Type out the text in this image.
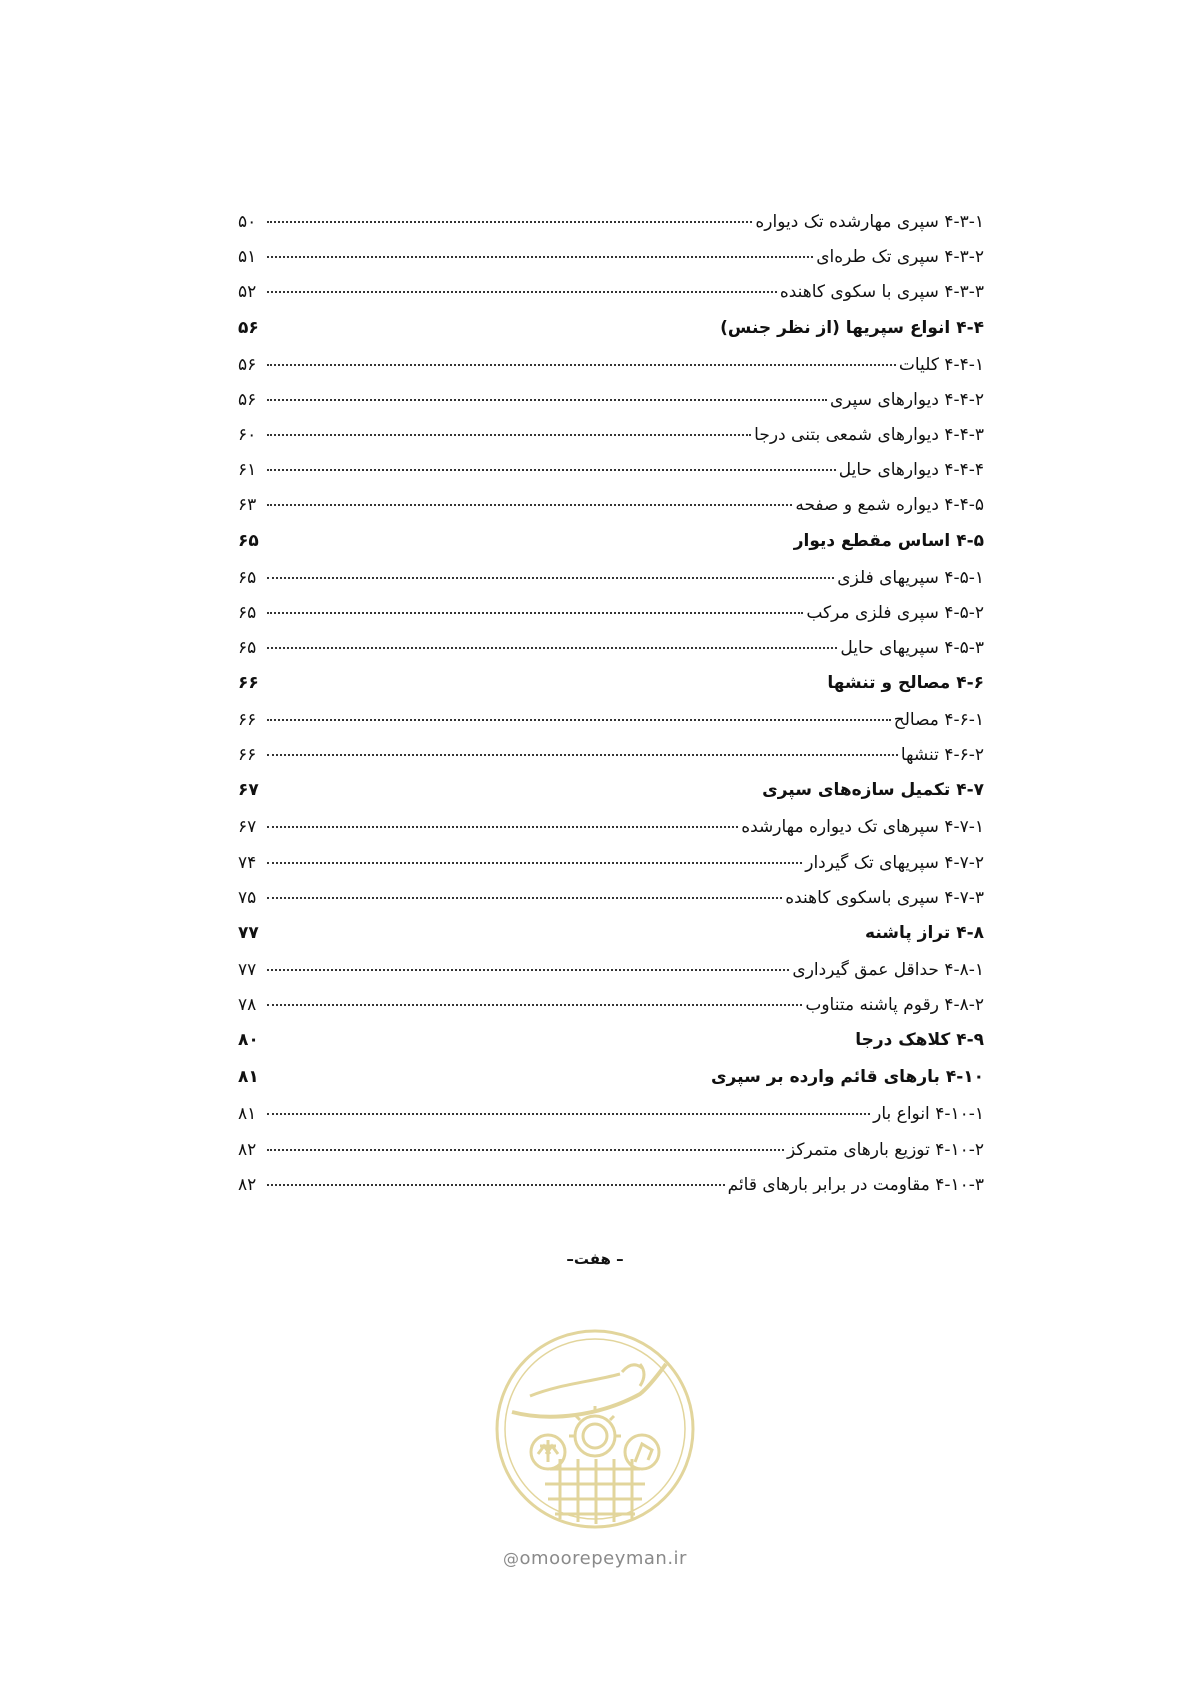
۴-۳-۱ سپری مهارشده تک دیواره
۵۰
۴-۳-۲ سپری تک طره‌ای
۵۱
۴-۳-۳ سپری با سکوی کاهنده
۵۲
۴-۴ انواع سپریها (از نظر جنس)
۵۶
۴-۴-۱ کلیات
۵۶
۴-۴-۲ دیوارهای سپری
۵۶
۴-۴-۳ دیوارهای شمعی بتنی درجا
۶۰
۴-۴-۴ دیوارهای حایل
۶۱
۴-۴-۵ دیواره شمع و صفحه
۶۳
۴-۵ اساس مقطع دیوار
۶۵
۴-۵-۱ سپریهای فلزی
۶۵
۴-۵-۲ سپری فلزی مرکب
۶۵
۴-۵-۳ سپریهای حایل
۶۵
۴-۶ مصالح و تنشها
۶۶
۴-۶-۱ مصالح
۶۶
۴-۶-۲ تنشها
۶۶
۴-۷ تکمیل سازه‌های سپری
۶۷
۴-۷-۱ سپرهای تک دیواره مهارشده
۶۷
۴-۷-۲ سپریهای تک گیردار
۷۴
۴-۷-۳ سپری باسکوی کاهنده
۷۵
۴-۸ تراز پاشنه
۷۷
۴-۸-۱ حداقل عمق گیرداری
۷۷
۴-۸-۲ رقوم پاشنه متناوب
۷۸
۴-۹ کلاهک درجا
۸۰
۴-۱۰ بارهای قائم وارده بر سپری
۸۱
۴-۱۰-۱ انواع بار
۸۱
۴-۱۰-۲ توزیع بارهای متمرکز
۸۲
۴-۱۰-۳ مقاومت در برابر بارهای قائم
۸۲
– هفت–
@omoorepeyman.ir
